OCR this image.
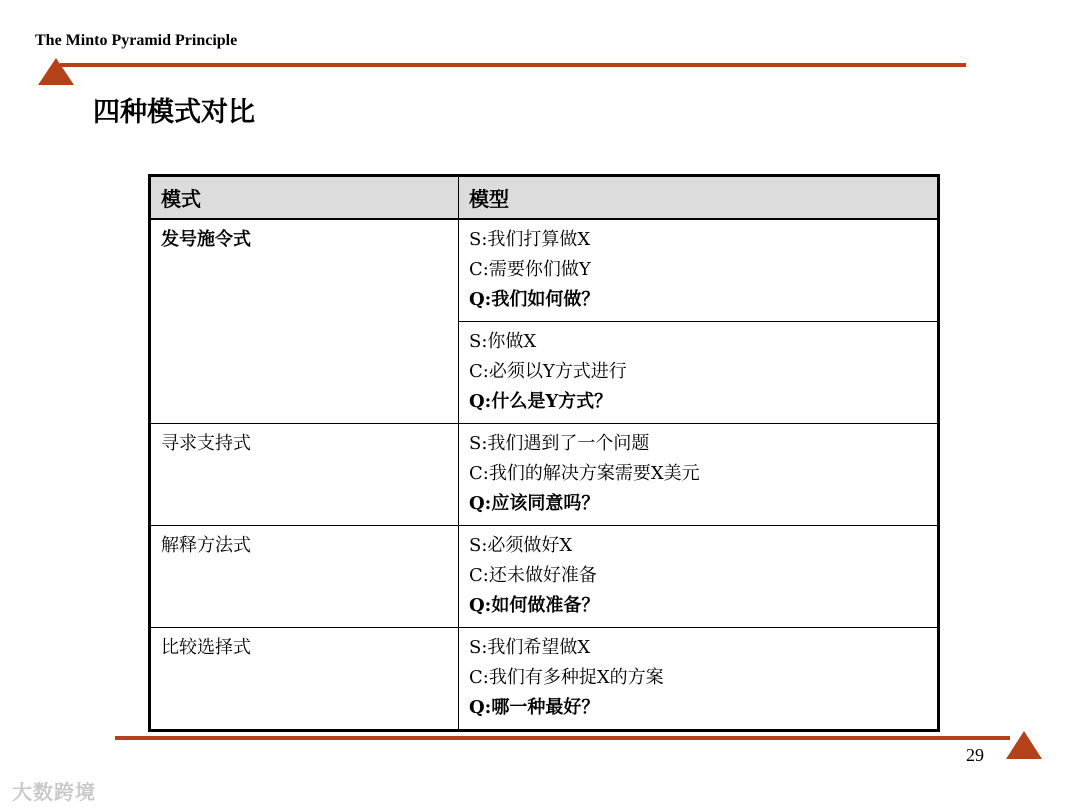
The Minto Pyramid Principle
四种模式对比
模式	模型
发号施令式	S:我们打算做X
C:需要你们做Y
Q:我们如何做？

	S:你做X
C:必须以Y方式进行
Q:什么是Y方式？

寻求支持式	S:我们遇到了一个问题
C:我们的解决方案需要X美元
Q:应该同意吗？

解释方法式	S:必须做好X
C:还未做好准备
Q:如何做准备？

比较选择式	S:我们希望做X
C:我们有多种捉X的方案
Q:哪一种最好？
29
大数跨境
